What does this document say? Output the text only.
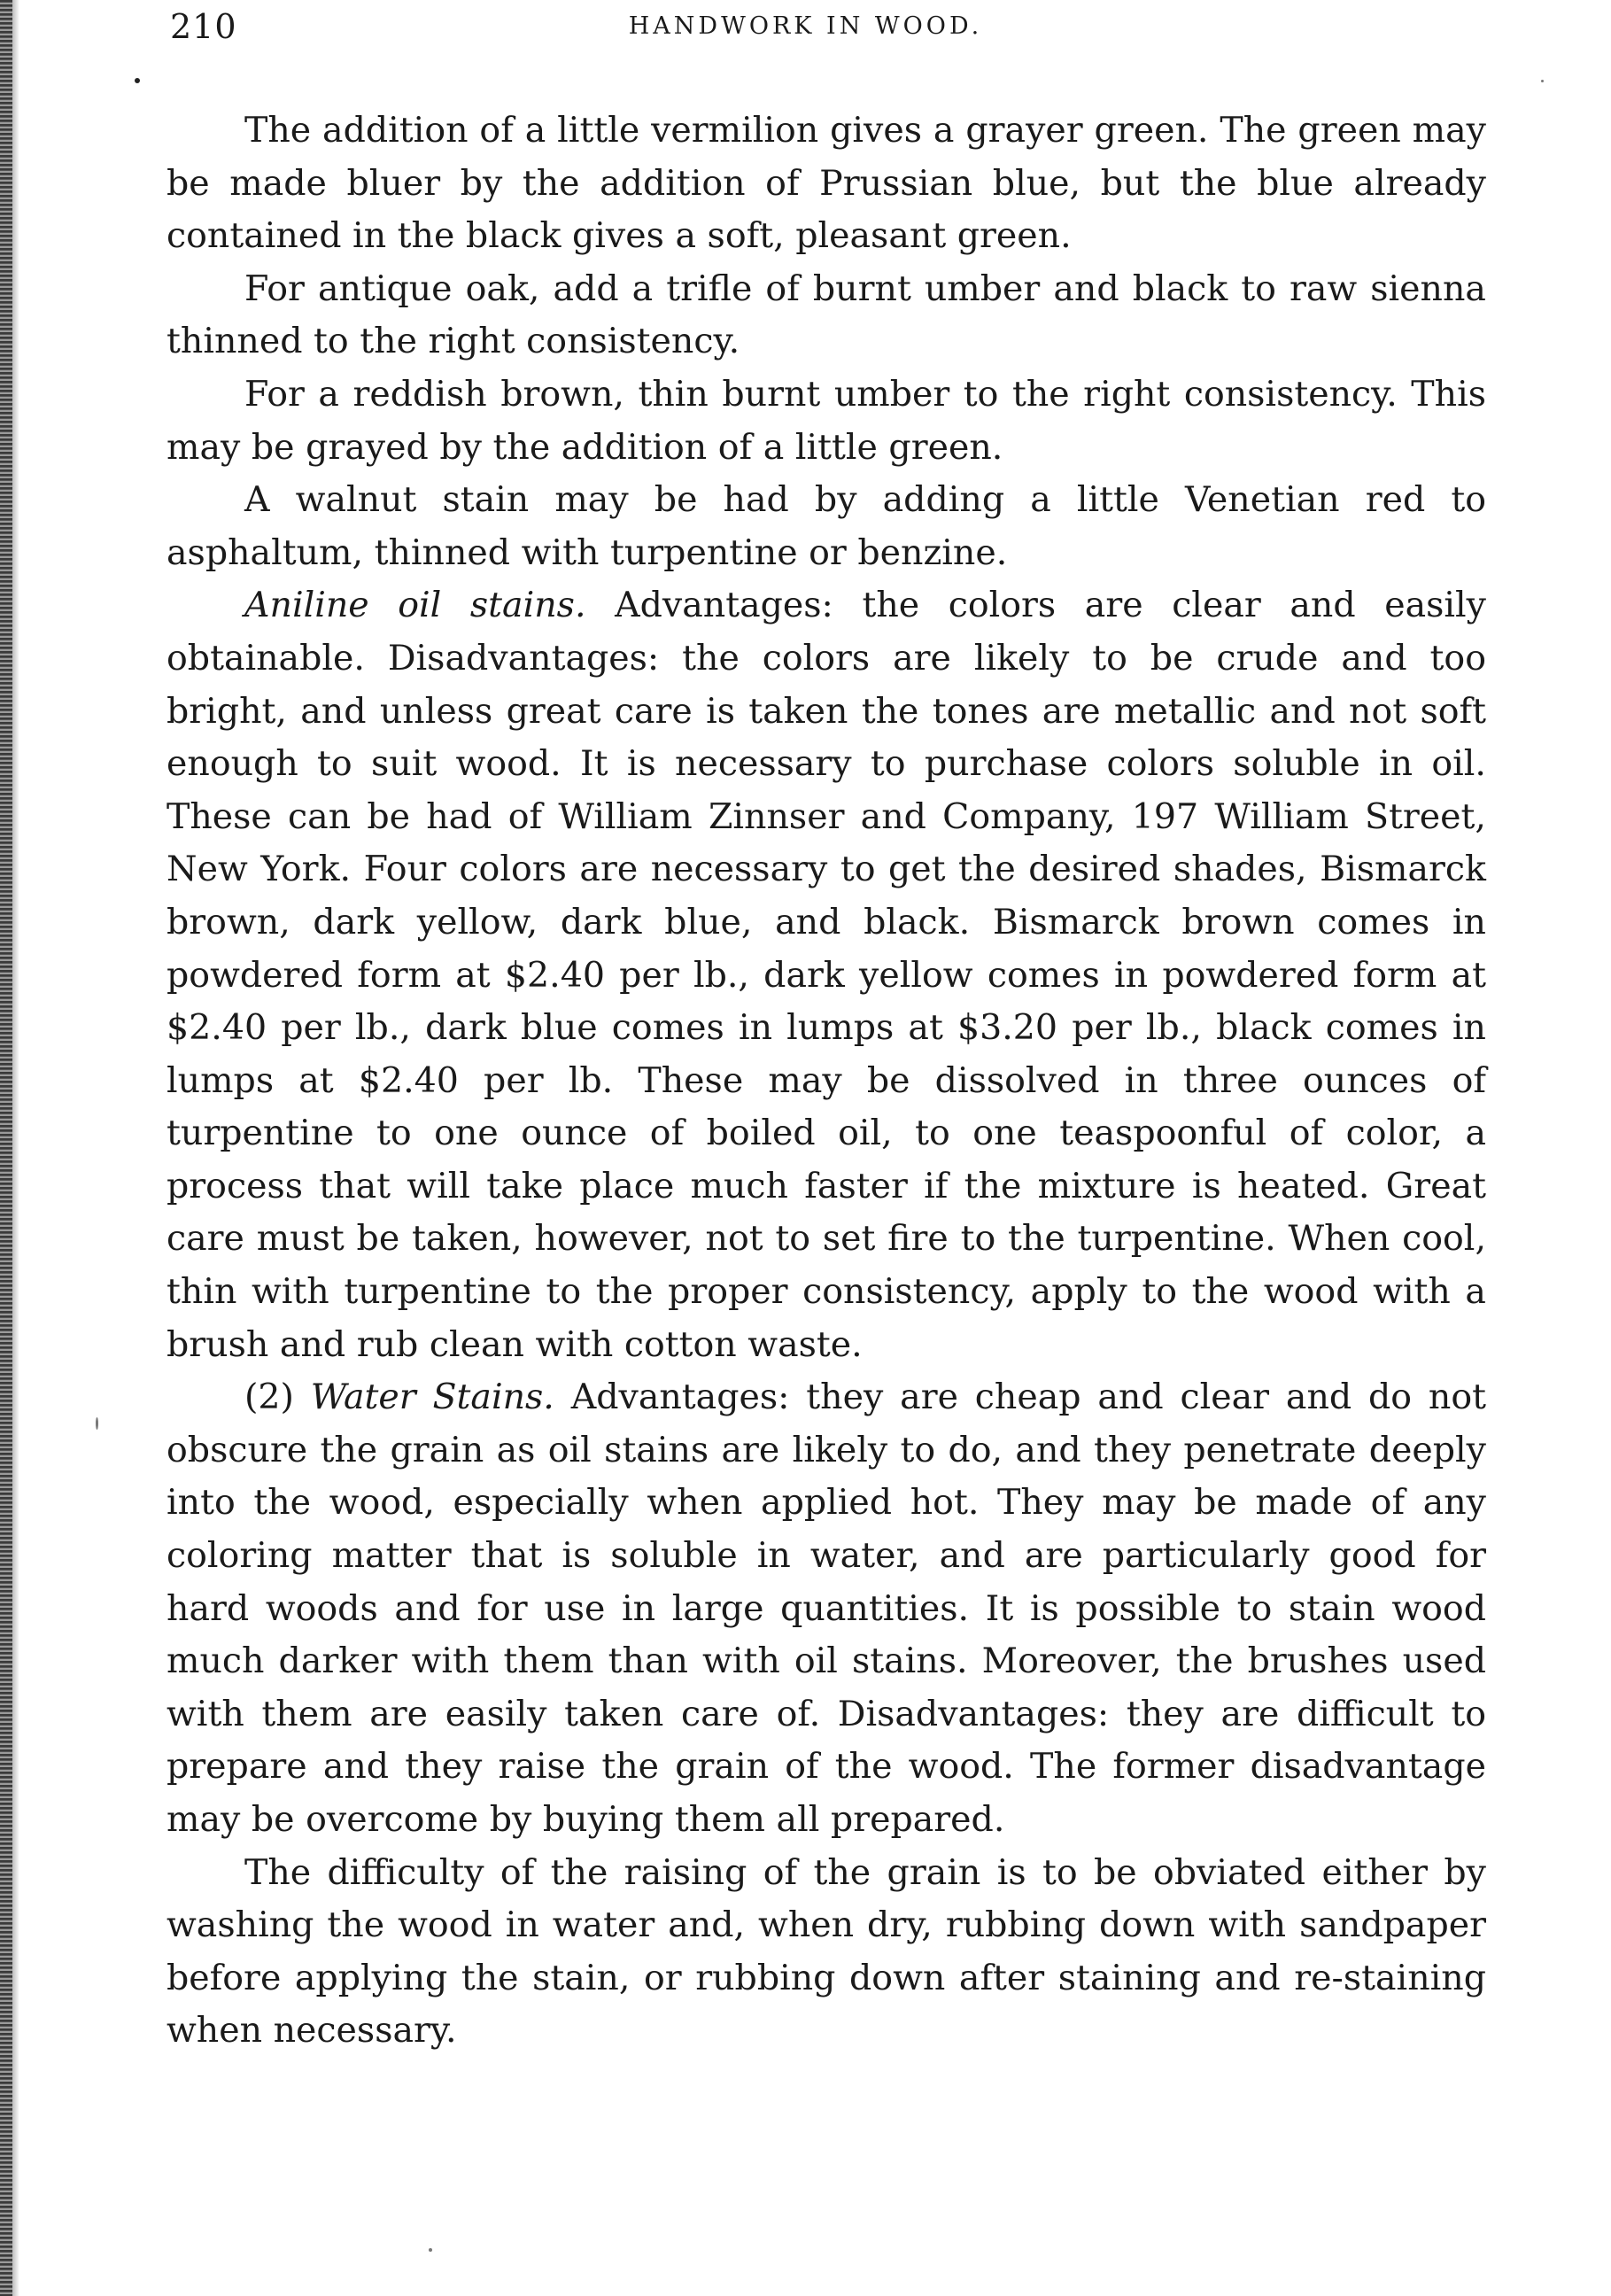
210	HANDWORK IN WOOD.

The addition of a little vermilion gives a grayer green. The green may be made bluer by the addition of Prussian blue, but the blue already contained in the black gives a soft, pleasant green.

For antique oak, add a trifle of burnt umber and black to raw sienna thinned to the right consistency.

For a reddish brown, thin burnt umber to the right consistency. This may be grayed by the addition of a little green.

A walnut stain may be had by adding a little Venetian red to asphaltum, thinned with turpentine or benzine.

Aniline oil stains. Advantages: the colors are clear and easily obtainable. Disadvantages: the colors are likely to be crude and too bright, and unless great care is taken the tones are metallic and not soft enough to suit wood. It is necessary to purchase colors soluble in oil. These can be had of William Zinnser and Company, 197 William Street, New York. Four colors are necessary to get the desired shades, Bismarck brown, dark yellow, dark blue, and black. Bismarck brown comes in powdered form at $2.40 per lb., dark yellow comes in powdered form at $2.40 per lb., dark blue comes in lumps at $3.20 per lb., black comes in lumps at $2.40 per lb. These may be dissolved in three ounces of turpentine to one ounce of boiled oil, to one teaspoonful of color, a process that will take place much faster if the mixture is heated. Great care must be taken, however, not to set fire to the turpentine. When cool, thin with turpentine to the proper consistency, apply to the wood with a brush and rub clean with cotton waste.

(2) Water Stains. Advantages: they are cheap and clear and do not obscure the grain as oil stains are likely to do, and they penetrate deeply into the wood, especially when applied hot. They may be made of any coloring matter that is soluble in water, and are particularly good for hard woods and for use in large quantities. It is possible to stain wood much darker with them than with oil stains. Moreover, the brushes used with them are easily taken care of. Disadvantages: they are difficult to prepare and they raise the grain of the wood. The former disadvantage may be overcome by buying them all prepared.

The difficulty of the raising of the grain is to be obviated either by washing the wood in water and, when dry, rubbing down with sandpaper before applying the stain, or rubbing down after staining and re-staining when necessary.
